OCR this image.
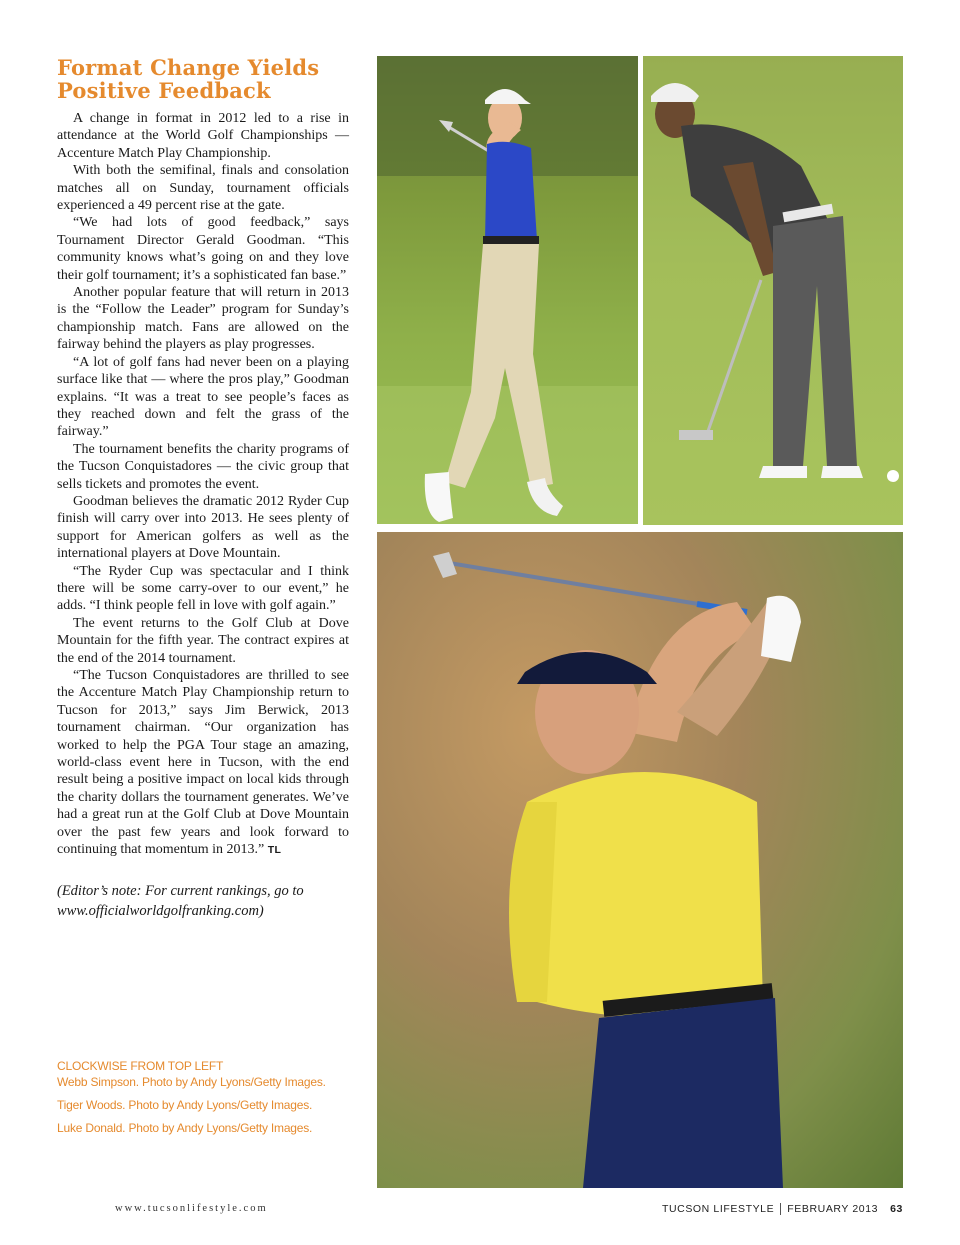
Format Change Yields
Positive Feedback

A change in format in 2012 led to a rise in attendance at the World Golf Championships — Accenture Match Play Championship.

With both the semifinal, finals and consolation matches all on Sunday, tournament officials experienced a 49 percent rise at the gate.

“We had lots of good feedback,” says Tournament Director Gerald Goodman. “This community knows what’s going on and they love their golf tournament; it’s a sophisticated fan base.”

Another popular feature that will return in 2013 is the “Follow the Leader” program for Sunday’s championship match. Fans are allowed on the fairway behind the players as play progresses.

“A lot of golf fans had never been on a playing surface like that — where the pros play,” Goodman explains. “It was a treat to see people’s faces as they reached down and felt the grass of the fairway.”

The tournament benefits the charity programs of the Tucson Conquistadores — the civic group that sells tickets and promotes the event.

Goodman believes the dramatic 2012 Ryder Cup finish will carry over into 2013. He sees plenty of support for American golfers as well as the international players at Dove Mountain.

“The Ryder Cup was spectacular and I think there will be some carry-over to our event,” he adds. “I think people fell in love with golf again.”

The event returns to the Golf Club at Dove Mountain for the fifth year. The contract expires at the end of the 2014 tournament.

“The Tucson Conquistadores are thrilled to see the Accenture Match Play Championship return to Tucson for 2013,” says Jim Berwick, 2013 tournament chairman. “Our organization has worked to help the PGA Tour stage an amazing, world-class event here in Tucson, with the end result being a positive impact on local kids through the charity dollars the tournament generates. We’ve had a great run at the Golf Club at Dove Mountain over the past few years and look forward to continuing that momentum in 2013.” TL

(Editor’s note: For current rankings, go to
www.officialworldgolfranking.com)
CLOCKWISE FROM TOP LEFT
Webb Simpson. Photo by Andy Lyons/Getty Images.
Tiger Woods. Photo by Andy Lyons/Getty Images.
Luke Donald. Photo by Andy Lyons/Getty Images.
www.tucsonlifestyle.com	TUCSON LIFESTYLE FEBRUARY 2013 63
